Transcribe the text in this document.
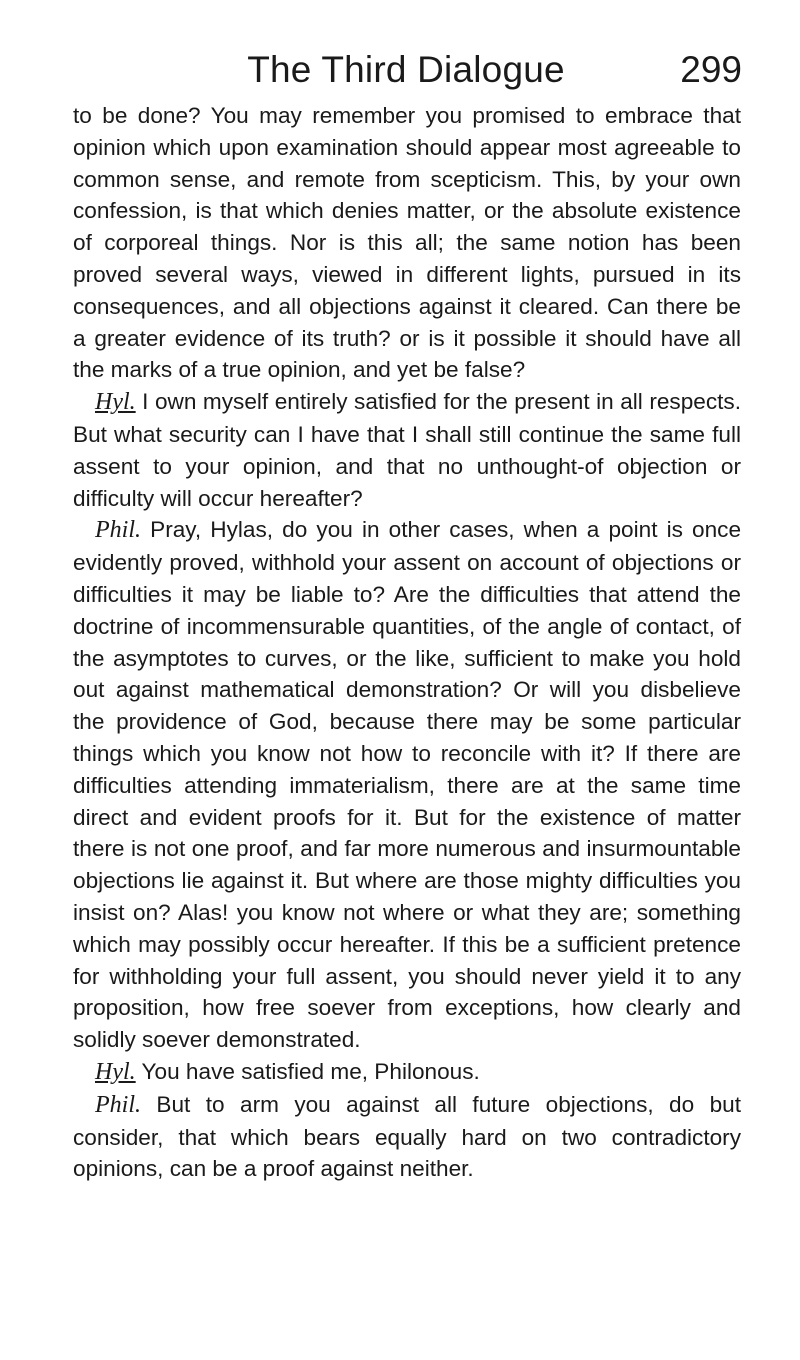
The Third Dialogue	299

to be done? You may remember you promised to embrace that opinion which upon examination should appear most agreeable to common sense, and remote from scepticism. This, by your own confession, is that which denies matter, or the absolute existence of corporeal things. Nor is this all; the same notion has been proved several ways, viewed in different lights, pursued in its consequences, and all objections against it cleared. Can there be a greater evidence of its truth? or is it possible it should have all the marks of a true opinion, and yet be false?

Hyl. I own myself entirely satisfied for the present in all respects. But what security can I have that I shall still continue the same full assent to your opinion, and that no unthought-of objection or difficulty will occur hereafter?

Phil. Pray, Hylas, do you in other cases, when a point is once evidently proved, withhold your assent on account of objections or difficulties it may be liable to? Are the difficulties that attend the doctrine of incommensurable quantities, of the angle of contact, of the asymptotes to curves, or the like, sufficient to make you hold out against mathematical demonstration? Or will you disbelieve the providence of God, because there may be some particular things which you know not how to reconcile with it? If there are difficulties attending immaterialism, there are at the same time direct and evident proofs for it. But for the existence of matter there is not one proof, and far more numerous and insurmountable objections lie against it. But where are those mighty difficulties you insist on? Alas! you know not where or what they are; something which may possibly occur hereafter. If this be a sufficient pretence for withholding your full assent, you should never yield it to any proposition, how free soever from exceptions, how clearly and solidly soever demonstrated.

Hyl. You have satisfied me, Philonous.

Phil. But to arm you against all future objections, do but consider, that which bears equally hard on two contradictory opinions, can be a proof against neither.
